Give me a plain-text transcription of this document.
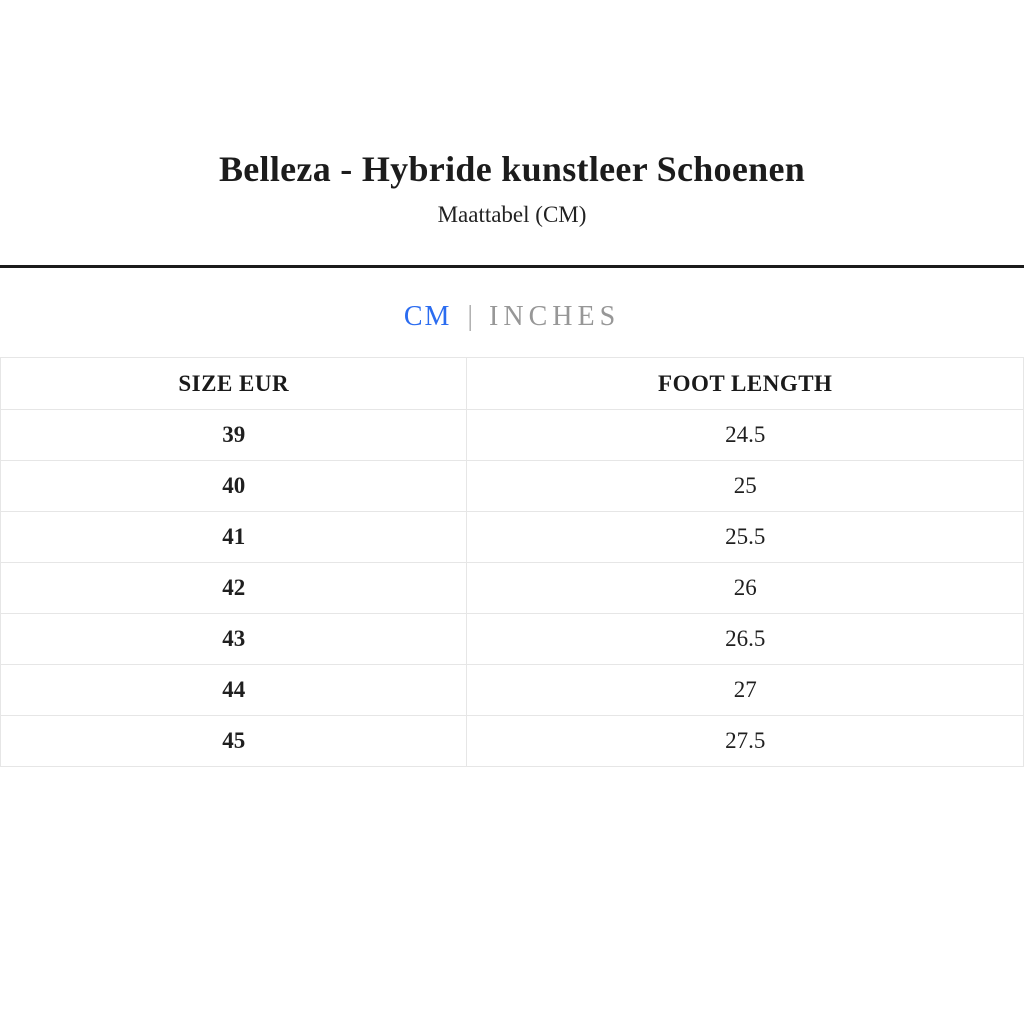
Belleza - Hybride kunstleer Schoenen
Maattabel (CM)
CM | INCHES
SIZE EUR	FOOT LENGTH
39	24.5
40	25
41	25.5
42	26
43	26.5
44	27
45	27.5
